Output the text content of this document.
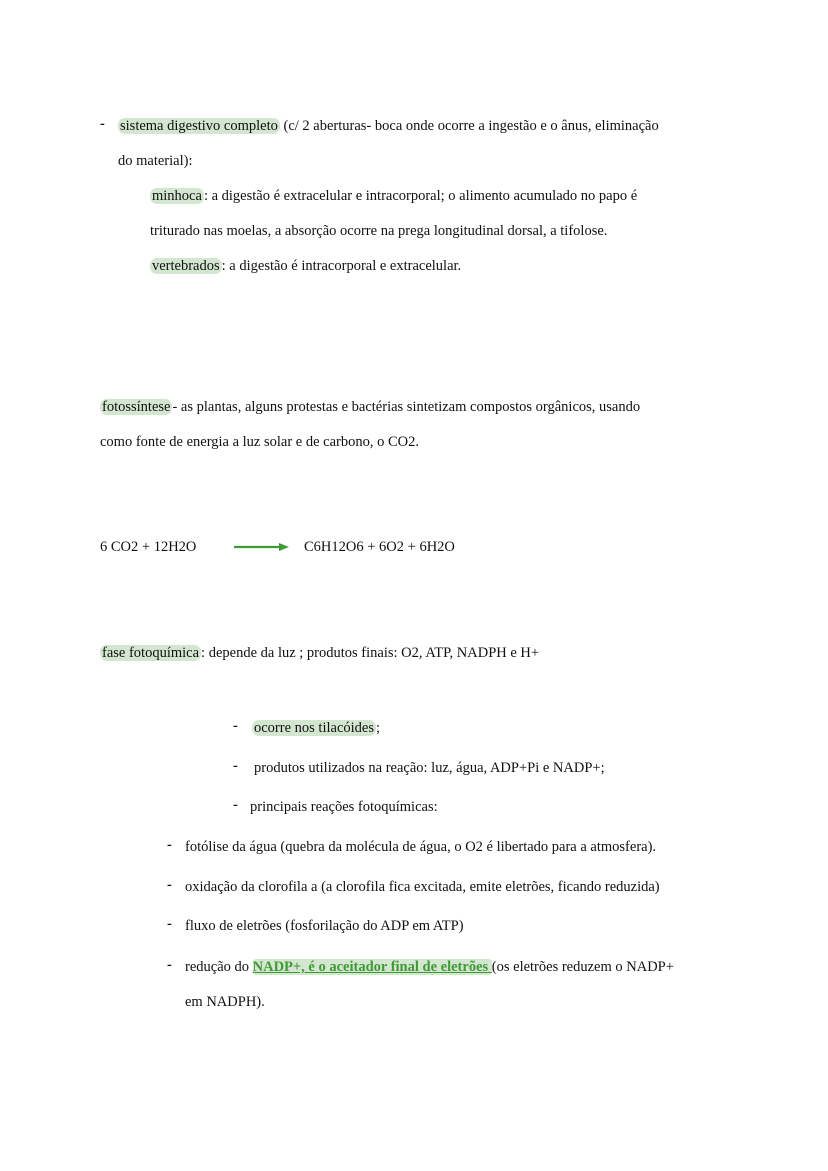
- sistema digestivo completo (c/ 2 aberturas- boca onde ocorre a ingestão e o ânus, eliminação
do material):
minhoca : a digestão é extracelular e intracorporal; o alimento acumulado no papo é
triturado nas moelas, a absorção ocorre na prega longitudinal dorsal, a tifolose.
vertebrados : a digestão é intracorporal e extracelular.
fotossíntese - as plantas, alguns protestas e bactérias sintetizam compostos orgânicos, usando
como fonte de energia a luz solar e de carbono, o CO2.
6 CO2 + 12H2O	→ C6H12O6 + 6O2 + 6H2O
fase fotoquímica : depende da luz ; produtos finais: O2, ATP, NADPH e H+
- ocorre nos tilacóides ;
- produtos utilizados na reação: luz, água, ADP+Pi e NADP+;
- principais reações fotoquímicas:
- fotólise da água (quebra da molécula de água, o O2 é libertado para a atmosfera).
- oxidação da clorofila a (a clorofila fica excitada, emite eletrões, ficando reduzida)
- fluxo de eletrões (fosforilação do ADP em ATP)
- redução do NADP+, é o aceitador final de eletrões (os eletrões reduzem o NADP+
em NADPH).
